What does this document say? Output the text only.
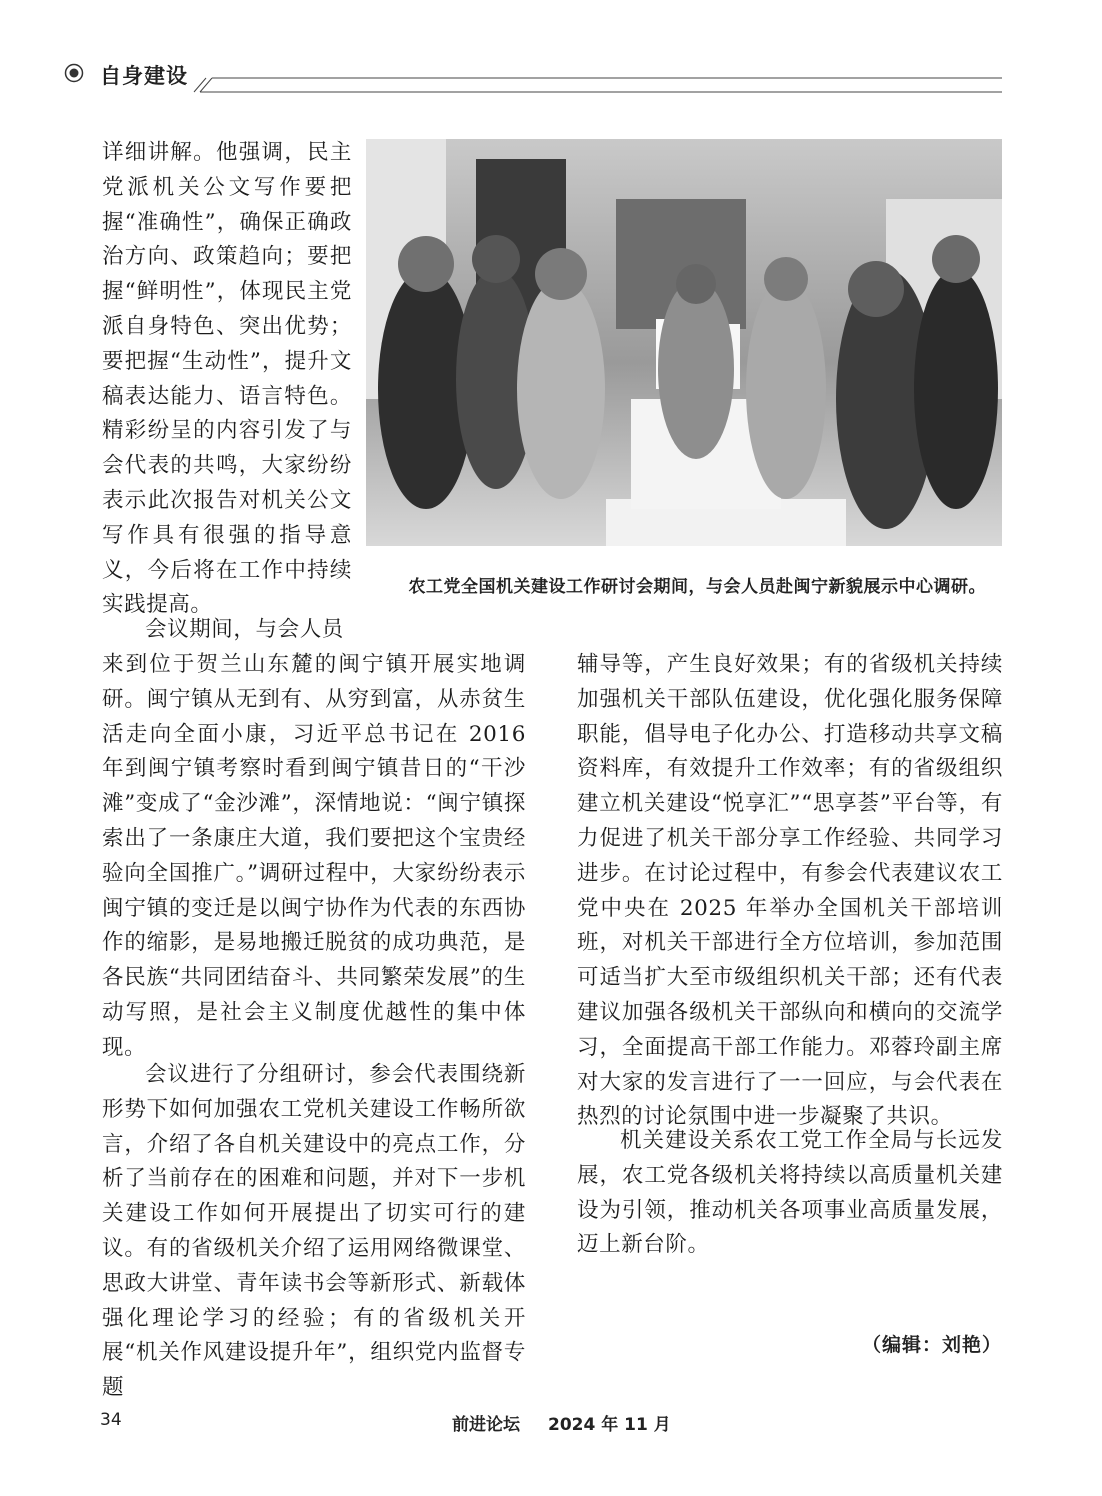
自身建设

详细讲解。他强调，民主党派机关公文写作要把握“准确性”，确保正确政治方向、政策趋向；要把握“鲜明性”，体现民主党派自身特色、突出优势；要把握“生动性”，提升文稿表达能力、语言特色。精彩纷呈的内容引发了与会代表的共鸣，大家纷纷表示此次报告对机关公文写作具有很强的指导意义，今后将在工作中持续实践提高。

农工党全国机关建设工作研讨会期间，与会人员赴闽宁新貌展示中心调研。

会议期间，与会人员

来到位于贺兰山东麓的闽宁镇开展实地调研。闽宁镇从无到有、从穷到富，从赤贫生活走向全面小康，习近平总书记在 2016 年到闽宁镇考察时看到闽宁镇昔日的“干沙滩”变成了“金沙滩”，深情地说：“闽宁镇探索出了一条康庄大道，我们要把这个宝贵经验向全国推广。”调研过程中，大家纷纷表示闽宁镇的变迁是以闽宁协作为代表的东西协作的缩影，是易地搬迁脱贫的成功典范，是各民族“共同团结奋斗、共同繁荣发展”的生动写照，是社会主义制度优越性的集中体现。

会议进行了分组研讨，参会代表围绕新形势下如何加强农工党机关建设工作畅所欲言，介绍了各自机关建设中的亮点工作，分析了当前存在的困难和问题，并对下一步机关建设工作如何开展提出了切实可行的建议。有的省级机关介绍了运用网络微课堂、思政大讲堂、青年读书会等新形式、新载体强化理论学习的经验；有的省级机关开展“机关作风建设提升年”，组织党内监督专题

辅导等，产生良好效果；有的省级机关持续加强机关干部队伍建设，优化强化服务保障职能，倡导电子化办公、打造移动共享文稿资料库，有效提升工作效率；有的省级组织建立机关建设“悦享汇”“思享荟”平台等，有力促进了机关干部分享工作经验、共同学习进步。在讨论过程中，有参会代表建议农工党中央在 2025 年举办全国机关干部培训班，对机关干部进行全方位培训，参加范围可适当扩大至市级组织机关干部；还有代表建议加强各级机关干部纵向和横向的交流学习，全面提高干部工作能力。邓蓉玲副主席对大家的发言进行了一一回应，与会代表在热烈的讨论氛围中进一步凝聚了共识。

机关建设关系农工党工作全局与长远发展，农工党各级机关将持续以高质量机关建设为引领，推动机关各项事业高质量发展，迈上新台阶。

（编辑：刘艳）
34	前进论坛 2024 年 11 月
